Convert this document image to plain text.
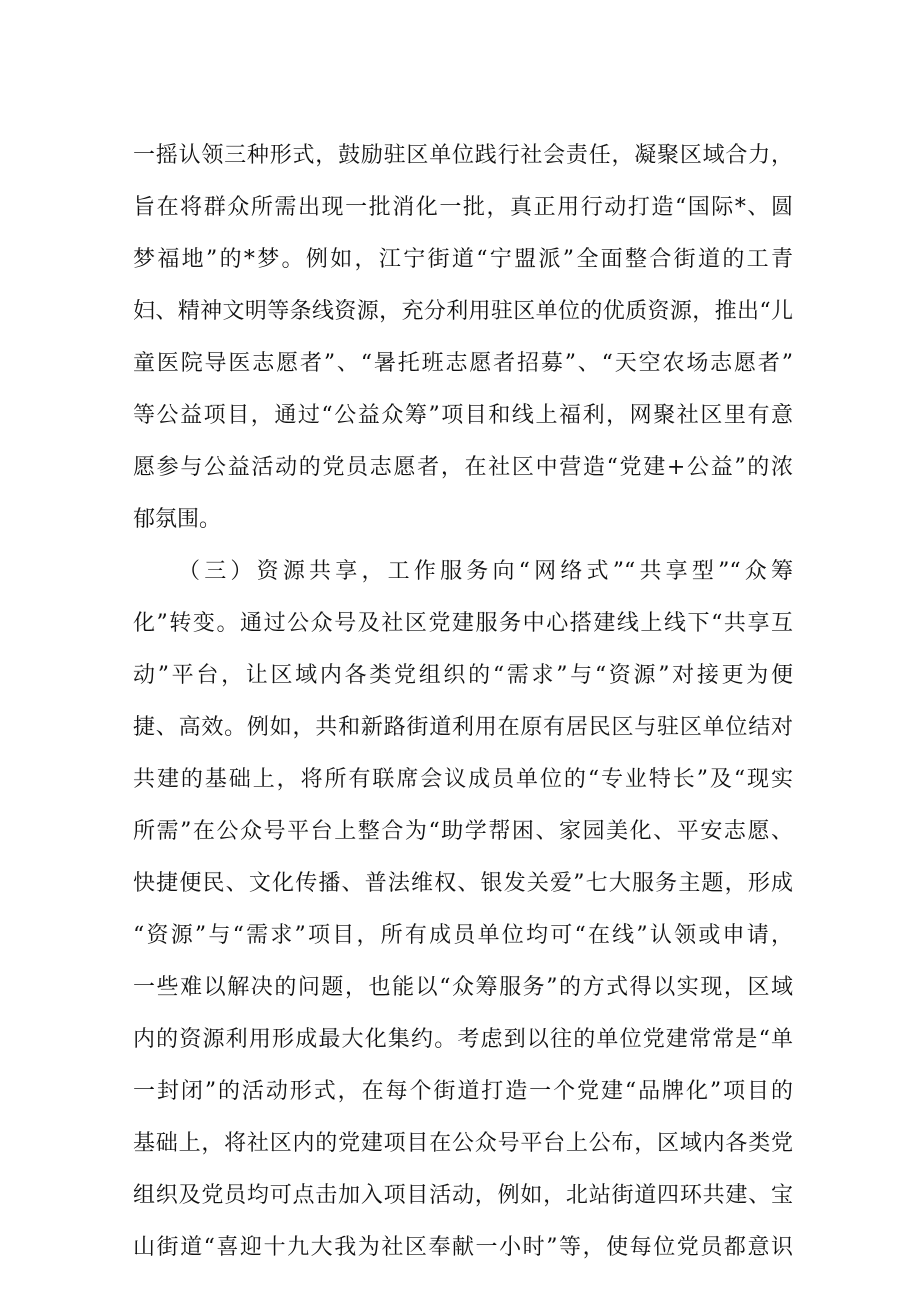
一摇认领三种形式，鼓励驻区单位践行社会责任，凝聚区域合力，

旨在将群众所需出现一批消化一批，真正用行动打造“国际*、圆

梦福地”的*梦。例如，江宁街道“宁盟派”全面整合街道的工青

妇、精神文明等条线资源，充分利用驻区单位的优质资源，推出“儿

童医院导医志愿者”、“暑托班志愿者招募”、“天空农场志愿者”

等公益项目，通过“公益众筹”项目和线上福利，网聚社区里有意

愿参与公益活动的党员志愿者，在社区中营造“党建+公益”的浓

郁氛围。

（三）资源共享，工作服务向“网络式”“共享型”“众筹

化”转变。通过公众号及社区党建服务中心搭建线上线下“共享互

动”平台，让区域内各类党组织的“需求”与“资源”对接更为便

捷、高效。例如，共和新路街道利用在原有居民区与驻区单位结对

共建的基础上，将所有联席会议成员单位的“专业特长”及“现实

所需”在公众号平台上整合为“助学帮困、家园美化、平安志愿、

快捷便民、文化传播、普法维权、银发关爱”七大服务主题，形成

“资源”与“需求”项目，所有成员单位均可“在线”认领或申请，

一些难以解决的问题，也能以“众筹服务”的方式得以实现，区域

内的资源利用形成最大化集约。考虑到以往的单位党建常常是“单

一封闭”的活动形式，在每个街道打造一个党建“品牌化”项目的

基础上，将社区内的党建项目在公众号平台上公布，区域内各类党

组织及党员均可点击加入项目活动，例如，北站街道四环共建、宝

山街道“喜迎十九大我为社区奉献一小时”等，使每位党员都意识
